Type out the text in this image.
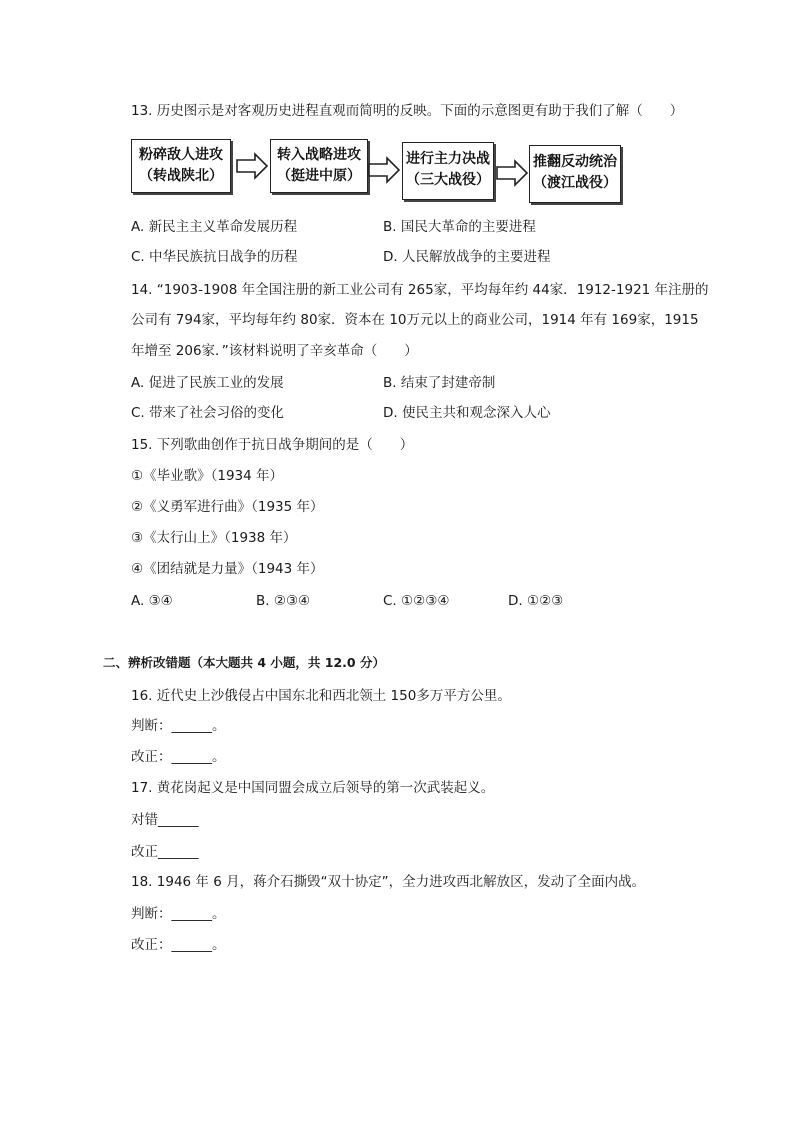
13. 历史图示是对客观历史进程直观而简明的反映。下面的示意图更有助于我们了解（　　）
粉碎敌人进攻
（转战陕北）
转入战略进攻
（挺进中原）
进行主力决战
（三大战役）
推翻反动统治
（渡江战役）
A. 新民主主义革命发展历程	B. 国民大革命的主要进程
C. 中华民族抗日战争的历程	D. 人民解放战争的主要进程
14. “1903-1908 年全国注册的新工业公司有 265家，平均每年约 44家．1912-1921 年注册的
公司有 794家，平均每年约 80家．资本在 10万元以上的商业公司，1914 年有 169家，1915
年增至 206家．”该材料说明了辛亥革命（　　）
A. 促进了民族工业的发展	B. 结束了封建帝制
C. 带来了社会习俗的变化	D. 使民主共和观念深入人心
15. 下列歌曲创作于抗日战争期间的是（　　）
①《毕业歌》（1934 年）
②《义勇军进行曲》（1935 年）
③《太行山上》（1938 年）
④《团结就是力量》（1943 年）
A. ③④	B. ②③④	C. ①②③④	D. ①②③
二、辨析改错题（本大题共 4 小题，共 12.0 分）
16. 近代史上沙俄侵占中国东北和西北领土 150多万平方公里。
判断：______。
改正：______。
17. 黄花岗起义是中国同盟会成立后领导的第一次武装起义。
对错______
改正______
18. 1946 年 6 月，蒋介石撕毁“双十协定”，全力进攻西北解放区，发动了全面内战。
判断：______。
改正：______。
